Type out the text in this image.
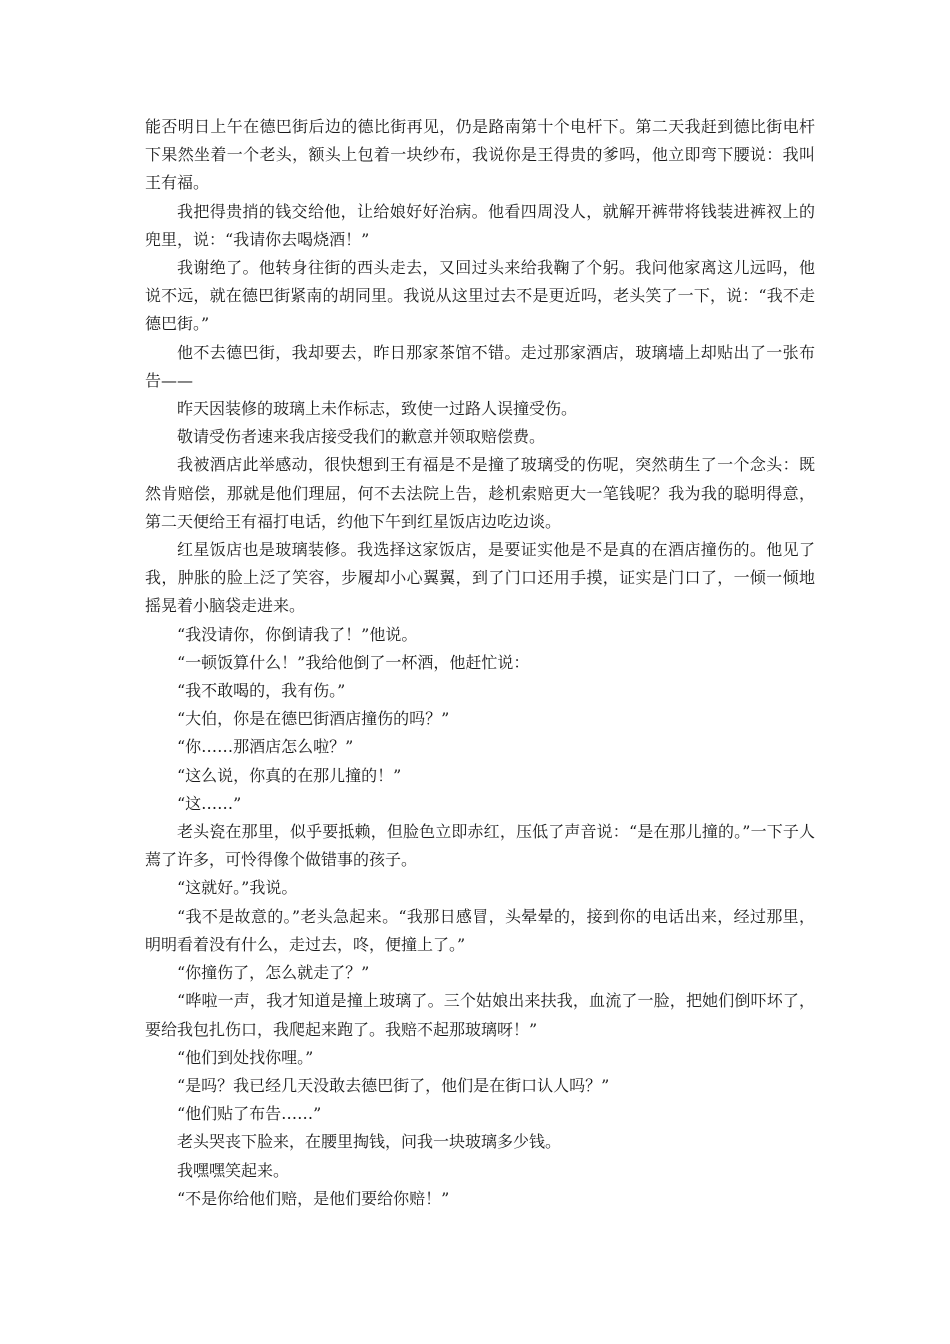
能否明日上午在德巴街后边的德比街再见，仍是路南第十个电杆下。第二天我赶到德比街电杆下果然坐着一个老头，额头上包着一块纱布，我说你是王得贵的爹吗，他立即弯下腰说：我叫王有福。

我把得贵捎的钱交给他，让给娘好好治病。他看四周没人，就解开裤带将钱装进裤衩上的兜里，说：“我请你去喝烧酒！”

我谢绝了。他转身往街的西头走去，又回过头来给我鞠了个躬。我问他家离这儿远吗，他说不远，就在德巴街紧南的胡同里。我说从这里过去不是更近吗，老头笑了一下，说：“我不走德巴街。”

他不去德巴街，我却要去，昨日那家茶馆不错。走过那家酒店，玻璃墙上却贴出了一张布告——

昨天因装修的玻璃上未作标志，致使一过路人误撞受伤。

敬请受伤者速来我店接受我们的歉意并领取赔偿费。

我被酒店此举感动，很快想到王有福是不是撞了玻璃受的伤呢，突然萌生了一个念头：既然肯赔偿，那就是他们理屈，何不去法院上告，趁机索赔更大一笔钱呢？我为我的聪明得意，第二天便给王有福打电话，约他下午到红星饭店边吃边谈。

红星饭店也是玻璃装修。我选择这家饭店，是要证实他是不是真的在酒店撞伤的。他见了我，肿胀的脸上泛了笑容，步履却小心翼翼，到了门口还用手摸，证实是门口了，一倾一倾地摇晃着小脑袋走进来。

“我没请你，你倒请我了！”他说。

“一顿饭算什么！”我给他倒了一杯酒，他赶忙说：

“我不敢喝的，我有伤。”

“大伯，你是在德巴街酒店撞伤的吗？”

“你……那酒店怎么啦？”

“这么说，你真的在那儿撞的！”

“这……”

老头瓷在那里，似乎要抵赖，但脸色立即赤红，压低了声音说：“是在那儿撞的。”一下子人蔫了许多，可怜得像个做错事的孩子。

“这就好。”我说。

“我不是故意的。”老头急起来。“我那日感冒，头晕晕的，接到你的电话出来，经过那里，明明看着没有什么，走过去，咚，便撞上了。”

“你撞伤了，怎么就走了？”

“哗啦一声，我才知道是撞上玻璃了。三个姑娘出来扶我，血流了一脸，把她们倒吓坏了，要给我包扎伤口，我爬起来跑了。我赔不起那玻璃呀！”

“他们到处找你哩。”

“是吗？我已经几天没敢去德巴街了，他们是在街口认人吗？”

“他们贴了布告……”

老头哭丧下脸来，在腰里掏钱，问我一块玻璃多少钱。

我嘿嘿笑起来。

“不是你给他们赔，是他们要给你赔！”
